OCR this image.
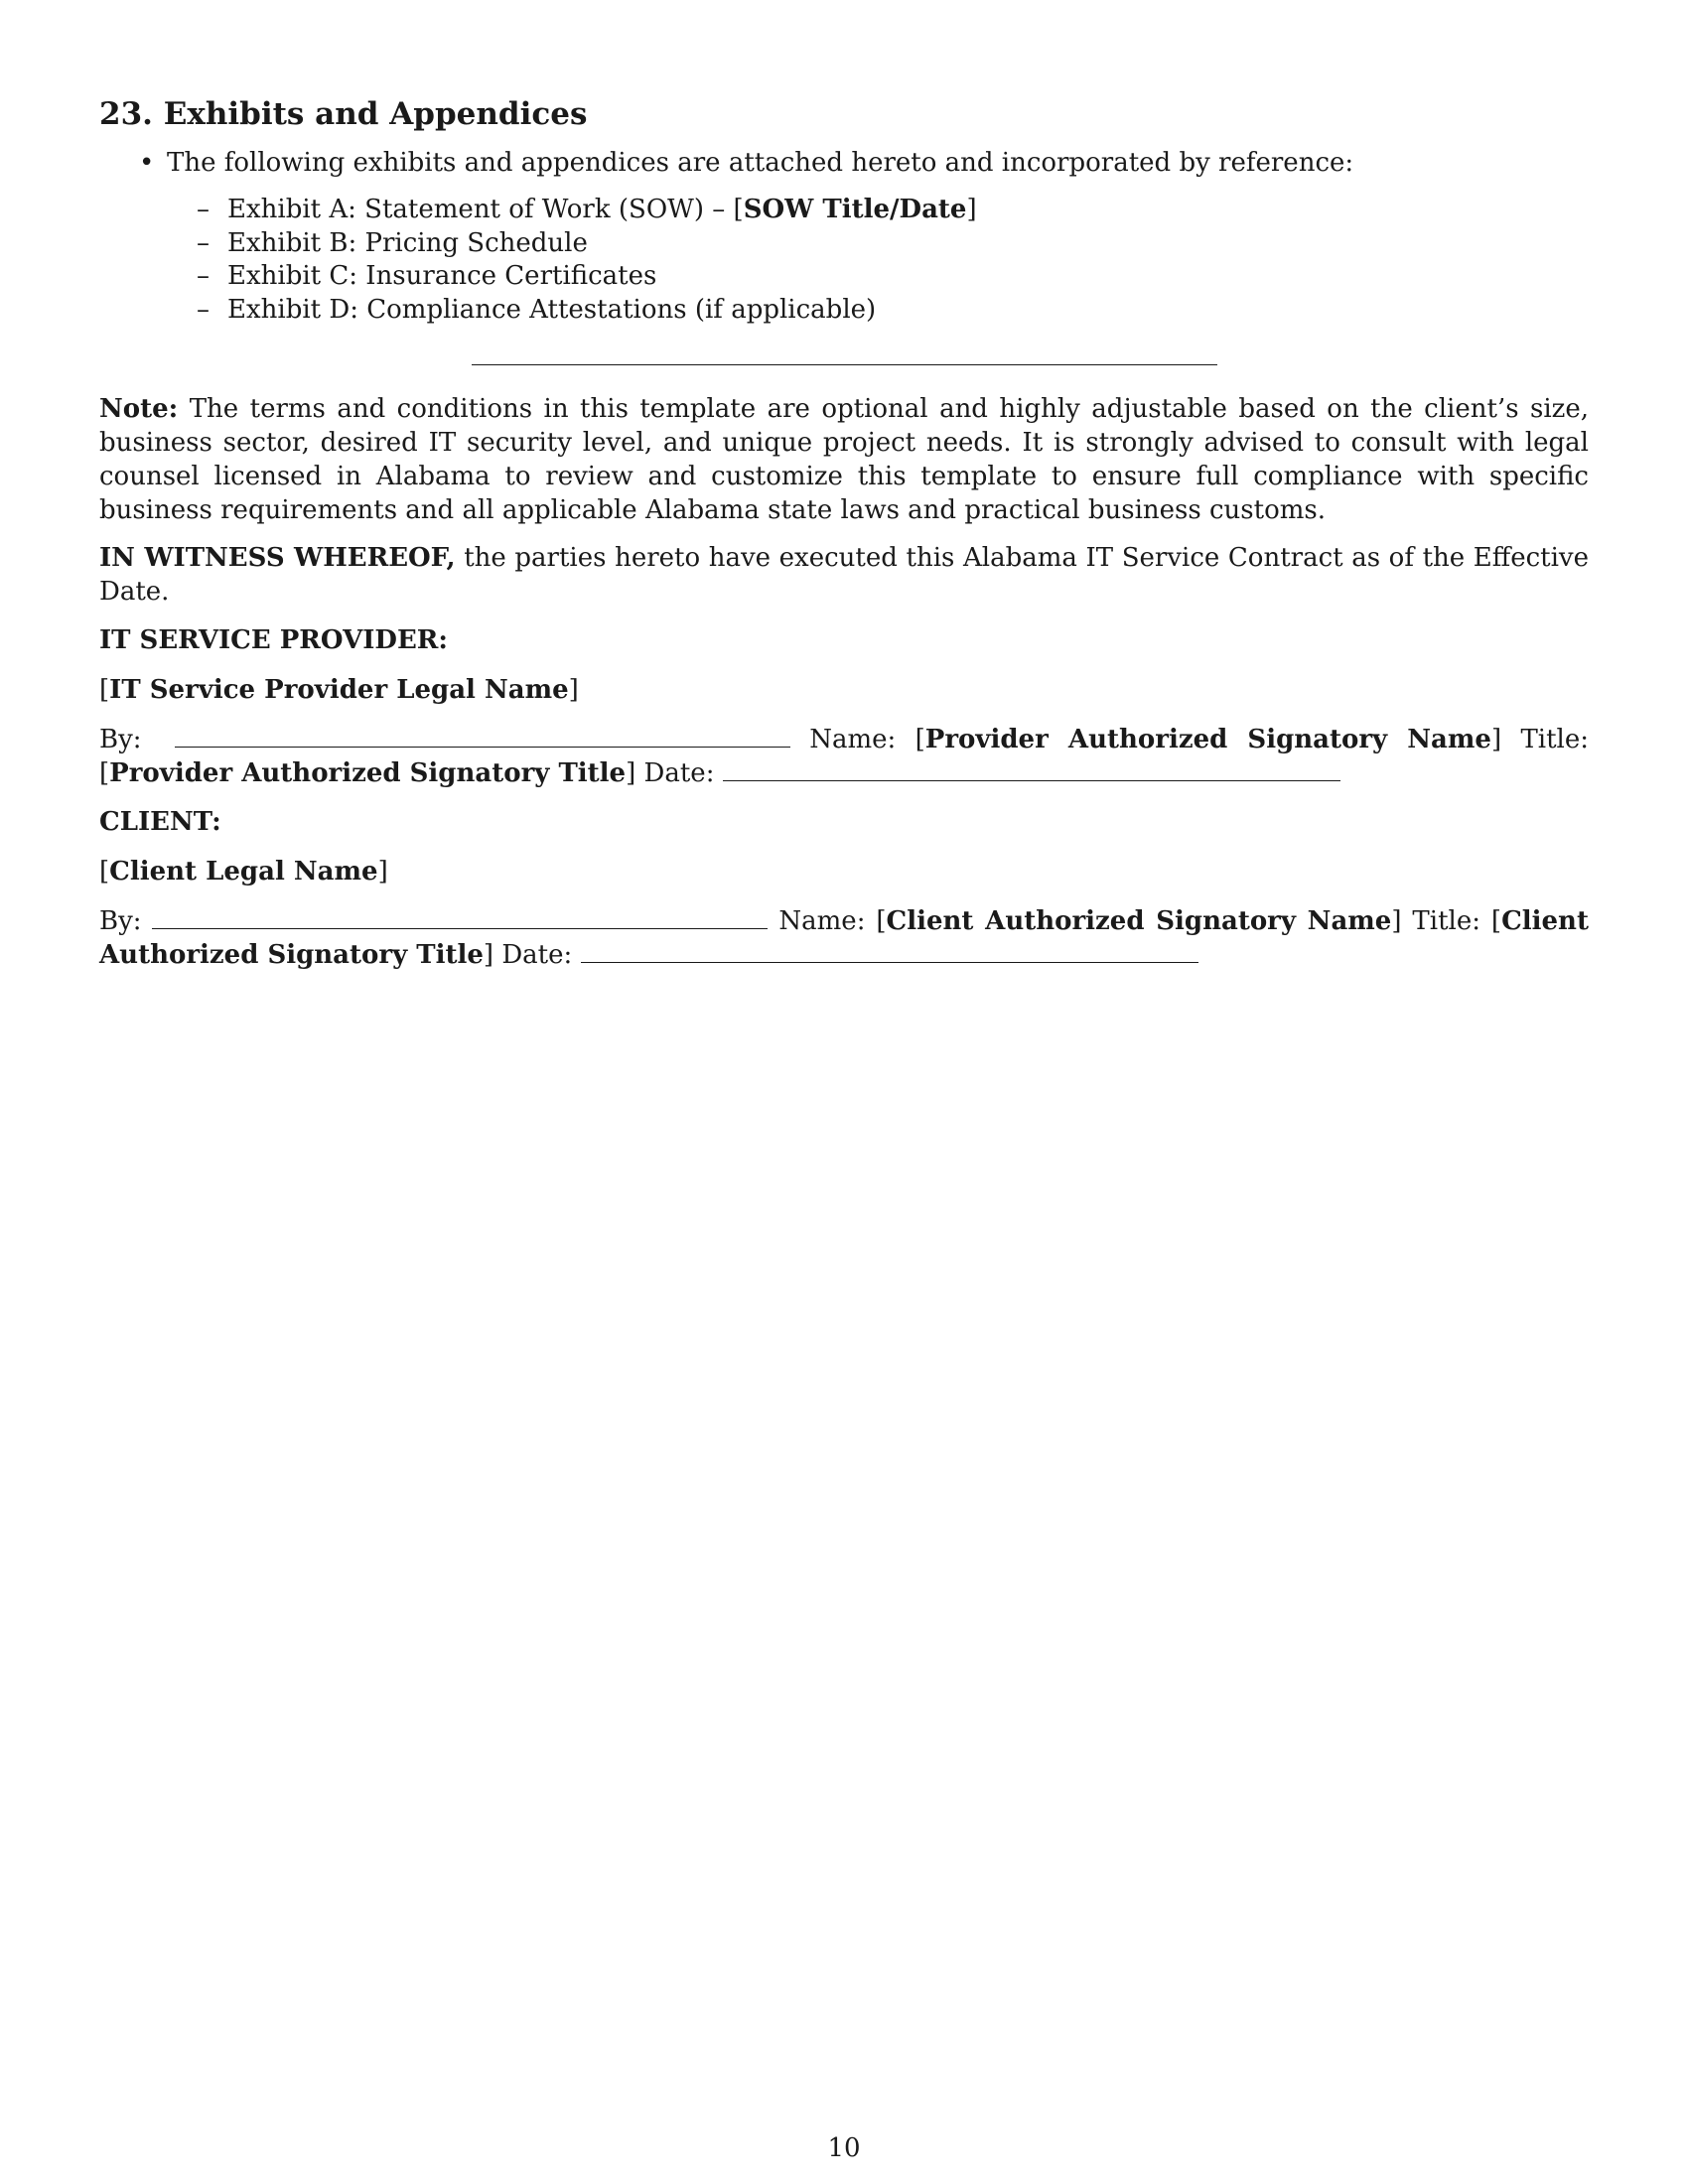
23. Exhibits and Appendices
• The following exhibits and appendices are attached hereto and incorporated by reference:
– Exhibit A: Statement of Work (SOW) – [SOW Title/Date]
– Exhibit B: Pricing Schedule
– Exhibit C: Insurance Certificates
– Exhibit D: Compliance Attestations (if applicable)

Note: The terms and conditions in this template are optional and highly adjustable based on the client’s size, business sector, desired IT security level, and unique project needs. It is strongly advised to consult with legal counsel licensed in Alabama to review and customize this template to ensure full compliance with specific business requirements and all applicable Alabama state laws and practical business customs.

IN WITNESS WHEREOF, the parties hereto have executed this Alabama IT Service Contract as of the Effective Date.

IT SERVICE PROVIDER:
[IT Service Provider Legal Name]

By:	Name: [Provider Authorized Signatory Name] Title: [Provider Authorized Signatory Title] Date:

CLIENT:
[Client Legal Name]

By:	Name: [Client Authorized Signatory Name] Title: [Client Authorized Signatory Title] Date:

10
